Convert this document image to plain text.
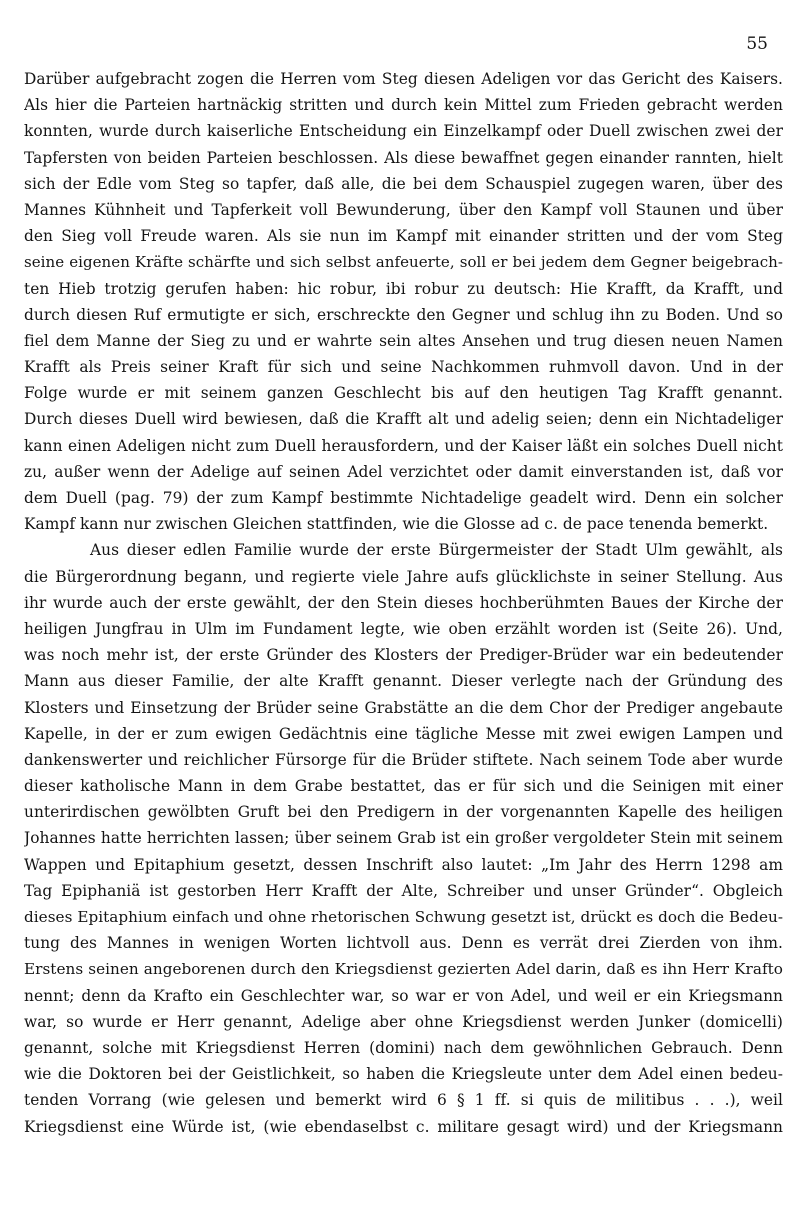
55
Darüber aufgebracht zogen die Herren vom Steg diesen Adeligen vor das Gericht des Kaisers.
Als hier die Parteien hartnäckig stritten und durch kein Mittel zum Frieden gebracht werden
konnten, wurde durch kaiserliche Entscheidung ein Einzelkampf oder Duell zwischen zwei der
Tapfersten von beiden Parteien beschlossen. Als diese bewaffnet gegen einander rannten, hielt
sich der Edle vom Steg so tapfer, daß alle, die bei dem Schauspiel zugegen waren, über des
Mannes Kühnheit und Tapferkeit voll Bewunderung, über den Kampf voll Staunen und über
den Sieg voll Freude waren. Als sie nun im Kampf mit einander stritten und der vom Steg
seine eigenen Kräfte schärfte und sich selbst anfeuerte, soll er bei jedem dem Gegner beigebrach-
ten Hieb trotzig gerufen haben: hic robur, ibi robur zu deutsch: Hie Krafft, da Krafft, und
durch diesen Ruf ermutigte er sich, erschreckte den Gegner und schlug ihn zu Boden. Und so
fiel dem Manne der Sieg zu und er wahrte sein altes Ansehen und trug diesen neuen Namen
Krafft als Preis seiner Kraft für sich und seine Nachkommen ruhmvoll davon. Und in der
Folge wurde er mit seinem ganzen Geschlecht bis auf den heutigen Tag Krafft genannt.
Durch dieses Duell wird bewiesen, daß die Krafft alt und adelig seien; denn ein Nichtadeliger
kann einen Adeligen nicht zum Duell herausfordern, und der Kaiser läßt ein solches Duell nicht
zu, außer wenn der Adelige auf seinen Adel verzichtet oder damit einverstanden ist, daß vor
dem Duell (pag. 79) der zum Kampf bestimmte Nichtadelige geadelt wird. Denn ein solcher
Kampf kann nur zwischen Gleichen stattfinden, wie die Glosse ad c. de pace tenenda bemerkt.
Aus dieser edlen Familie wurde der erste Bürgermeister der Stadt Ulm gewählt, als
die Bürgerordnung begann, und regierte viele Jahre aufs glücklichste in seiner Stellung. Aus
ihr wurde auch der erste gewählt, der den Stein dieses hochberühmten Baues der Kirche der
heiligen Jungfrau in Ulm im Fundament legte, wie oben erzählt worden ist (Seite 26). Und,
was noch mehr ist, der erste Gründer des Klosters der Prediger-Brüder war ein bedeutender
Mann aus dieser Familie, der alte Krafft genannt. Dieser verlegte nach der Gründung des
Klosters und Einsetzung der Brüder seine Grabstätte an die dem Chor der Prediger angebaute
Kapelle, in der er zum ewigen Gedächtnis eine tägliche Messe mit zwei ewigen Lampen und
dankenswerter und reichlicher Fürsorge für die Brüder stiftete. Nach seinem Tode aber wurde
dieser katholische Mann in dem Grabe bestattet, das er für sich und die Seinigen mit einer
unterirdischen gewölbten Gruft bei den Predigern in der vorgenannten Kapelle des heiligen
Johannes hatte herrichten lassen; über seinem Grab ist ein großer vergoldeter Stein mit seinem
Wappen und Epitaphium gesetzt, dessen Inschrift also lautet: „Im Jahr des Herrn 1298 am
Tag Epiphaniä ist gestorben Herr Krafft der Alte, Schreiber und unser Gründer“. Obgleich
dieses Epitaphium einfach und ohne rhetorischen Schwung gesetzt ist, drückt es doch die Bedeu-
tung des Mannes in wenigen Worten lichtvoll aus. Denn es verrät drei Zierden von ihm.
Erstens seinen angeborenen durch den Kriegsdienst gezierten Adel darin, daß es ihn Herr Krafto
nennt; denn da Krafto ein Geschlechter war, so war er von Adel, und weil er ein Kriegsmann
war, so wurde er Herr genannt, Adelige aber ohne Kriegsdienst werden Junker (domicelli)
genannt, solche mit Kriegsdienst Herren (domini) nach dem gewöhnlichen Gebrauch. Denn
wie die Doktoren bei der Geistlichkeit, so haben die Kriegsleute unter dem Adel einen bedeu-
tenden Vorrang (wie gelesen und bemerkt wird 6 § 1 ff. si quis de militibus . . .), weil
Kriegsdienst eine Würde ist, (wie ebendaselbst c. militare gesagt wird) und der Kriegsmann
